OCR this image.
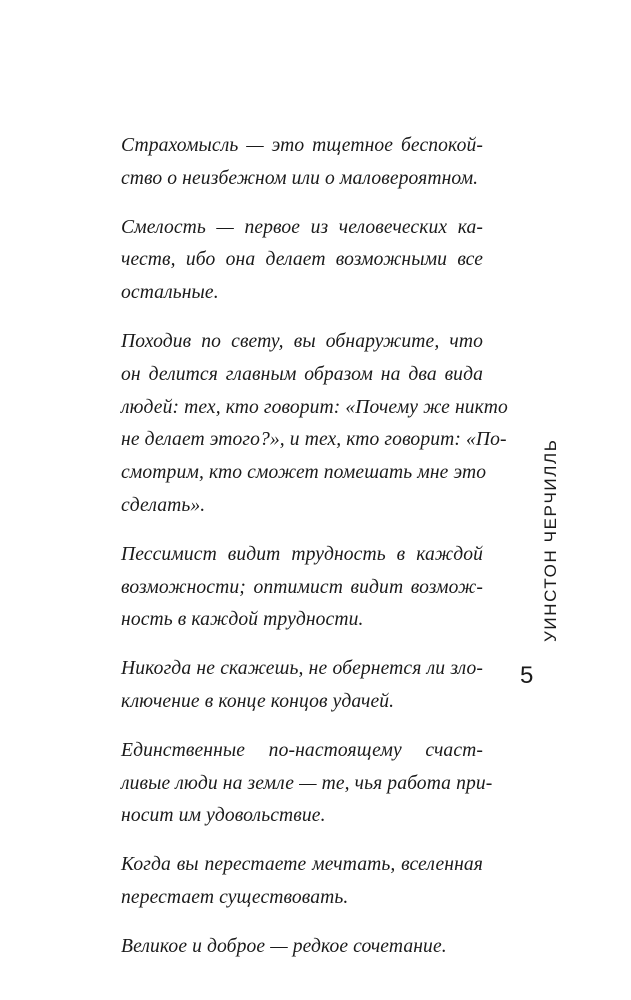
Страхомысль — это тщетное беспокой-
ство о неизбежном или о маловероятном.

Смелость — первое из человеческих ка-
честв, ибо она делает возможными все
остальные.

Походив по свету, вы обнаружите, что
он делится главным образом на два вида
людей: тех, кто говорит: «Почему же никто
не делает этого?», и тех, кто говорит: «По-
смотрим, кто сможет помешать мне это
сделать».

Пессимист видит трудность в каждой
возможности; оптимист видит возмож-
ность в каждой трудности.

Никогда не скажешь, не обернется ли зло-
ключение в конце концов удачей.

Единственные по-настоящему счаст-
ливые люди на земле — те, чья работа при-
носит им удовольствие.

Когда вы перестаете мечтать, вселенная
перестает существовать.

Великое и доброе — редкое сочетание.

УИНСТОН ЧЕРЧИЛЛЬ
5
